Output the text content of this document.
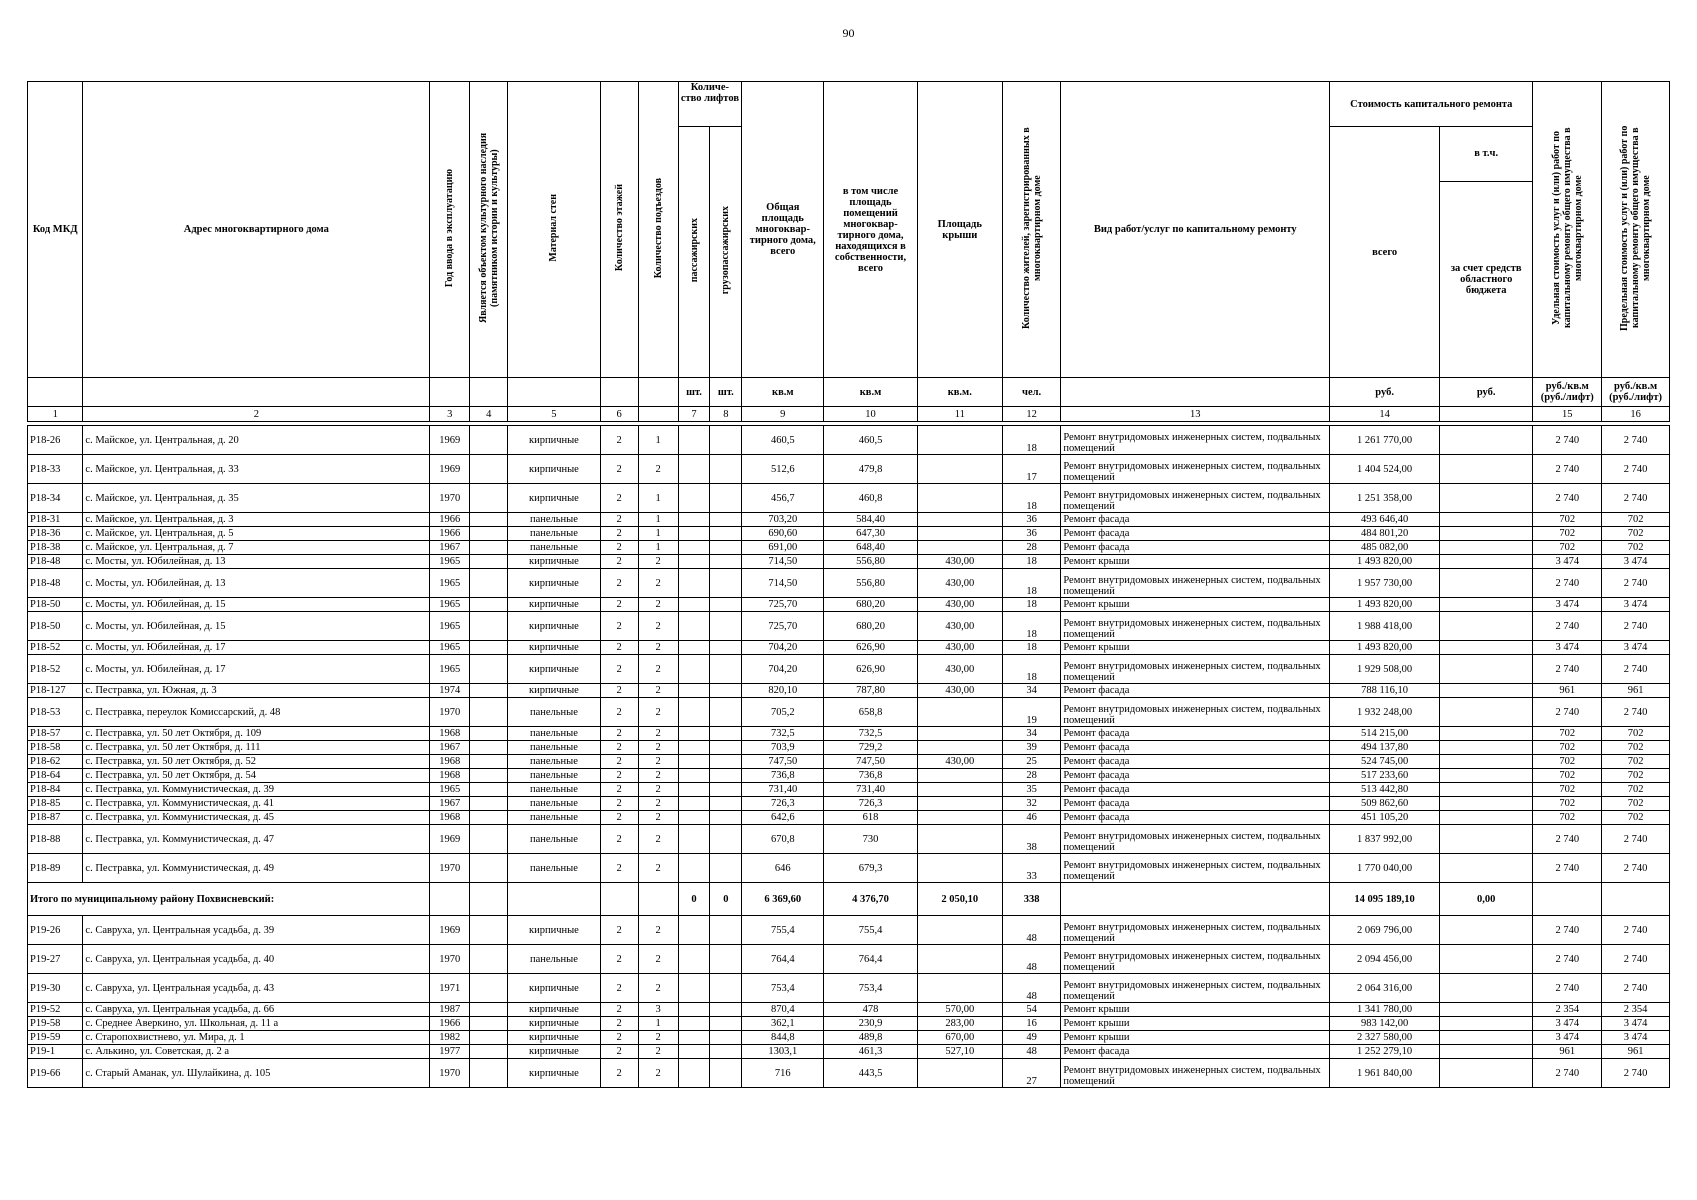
90
Код МКД	Адрес многоквартирного дома	Год ввода в эксплуатацию	Является объектом культурного наследия (памятником истории и культуры)	Материал стен	Количество этажей	Количество подъездов	Количе-ство лифтов		Общая площадь многоквар-тирного дома, всего	в том числе площадь помещений многоквар-тирного дома, находящихся в собственности, всего	Площадь крыши	Количество жителей, зарегистрированных в многоквартирном доме	Вид работ/услуг по капитальному ремонту	Стоимость капитального ремонта		Удельная стоимость услуг и (или) работ по капитальному ремонту общего имущества в многоквартирном доме	Предельная стоимость услуг и (или) работ по капитальному ремонту общего имущества в многоквартирном доме
							пассажирских	грузопассажирских						всего	в т.ч.		
															за счет средств областного бюджета		
							шт.	шт.	кв.м	кв.м	кв.м.	чел.		руб.	руб.	руб./кв.м (руб./лифт)	руб./кв.м (руб./лифт)
1	2	3	4	5	6		7	8	9	10	11	12	13	14		15	16

Р18-26	с. Майское, ул. Центральная, д. 20	1969		кирпичные	2	1			460,5	460,5		18	Ремонт внутридомовых инженерных систем, подвальных помещений	1 261 770,00		2 740	2 740
Р18-33	с. Майское, ул. Центральная, д. 33	1969		кирпичные	2	2			512,6	479,8		17	Ремонт внутридомовых инженерных систем, подвальных помещений	1 404 524,00		2 740	2 740
Р18-34	с. Майское, ул. Центральная, д. 35	1970		кирпичные	2	1			456,7	460,8		18	Ремонт внутридомовых инженерных систем, подвальных помещений	1 251 358,00		2 740	2 740
Р18-31	с. Майское, ул. Центральная, д. 3	1966		панельные	2	1			703,20	584,40		36	Ремонт фасада	493 646,40		702	702
Р18-36	с. Майское, ул. Центральная, д. 5	1966		панельные	2	1			690,60	647,30		36	Ремонт фасада	484 801,20		702	702
Р18-38	с. Майское, ул. Центральная, д. 7	1967		панельные	2	1			691,00	648,40		28	Ремонт фасада	485 082,00		702	702
Р18-48	с. Мосты, ул. Юбилейная, д. 13	1965		кирпичные	2	2			714,50	556,80	430,00	18	Ремонт крыши	1 493 820,00		3 474	3 474
Р18-48	с. Мосты, ул. Юбилейная, д. 13	1965		кирпичные	2	2			714,50	556,80	430,00	18	Ремонт внутридомовых инженерных систем, подвальных помещений	1 957 730,00		2 740	2 740
Р18-50	с. Мосты, ул. Юбилейная, д. 15	1965		кирпичные	2	2			725,70	680,20	430,00	18	Ремонт крыши	1 493 820,00		3 474	3 474
Р18-50	с. Мосты, ул. Юбилейная, д. 15	1965		кирпичные	2	2			725,70	680,20	430,00	18	Ремонт внутридомовых инженерных систем, подвальных помещений	1 988 418,00		2 740	2 740
Р18-52	с. Мосты, ул. Юбилейная, д. 17	1965		кирпичные	2	2			704,20	626,90	430,00	18	Ремонт крыши	1 493 820,00		3 474	3 474
Р18-52	с. Мосты, ул. Юбилейная, д. 17	1965		кирпичные	2	2			704,20	626,90	430,00	18	Ремонт внутридомовых инженерных систем, подвальных помещений	1 929 508,00		2 740	2 740
Р18-127	с. Пестравка, ул. Южная, д. 3	1974		кирпичные	2	2			820,10	787,80	430,00	34	Ремонт фасада	788 116,10		961	961
Р18-53	с. Пестравка, переулок Комиссарский, д. 48	1970		панельные	2	2			705,2	658,8		19	Ремонт внутридомовых инженерных систем, подвальных помещений	1 932 248,00		2 740	2 740
Р18-57	с. Пестравка, ул. 50 лет Октября, д. 109	1968		панельные	2	2			732,5	732,5		34	Ремонт фасада	514 215,00		702	702
Р18-58	с. Пестравка, ул. 50 лет Октября, д. 111	1967		панельные	2	2			703,9	729,2		39	Ремонт фасада	494 137,80		702	702
Р18-62	с. Пестравка, ул. 50 лет Октября, д. 52	1968		панельные	2	2			747,50	747,50	430,00	25	Ремонт фасада	524 745,00		702	702
Р18-64	с. Пестравка, ул. 50 лет Октября, д. 54	1968		панельные	2	2			736,8	736,8		28	Ремонт фасада	517 233,60		702	702
Р18-84	с. Пестравка, ул. Коммунистическая, д. 39	1965		панельные	2	2			731,40	731,40		35	Ремонт фасада	513 442,80		702	702
Р18-85	с. Пестравка, ул. Коммунистическая, д. 41	1967		панельные	2	2			726,3	726,3		32	Ремонт фасада	509 862,60		702	702
Р18-87	с. Пестравка, ул. Коммунистическая, д. 45	1968		панельные	2	2			642,6	618		46	Ремонт фасада	451 105,20		702	702
Р18-88	с. Пестравка, ул. Коммунистическая, д. 47	1969		панельные	2	2			670,8	730		38	Ремонт внутридомовых инженерных систем, подвальных помещений	1 837 992,00		2 740	2 740
Р18-89	с. Пестравка, ул. Коммунистическая, д. 49	1970		панельные	2	2			646	679,3		33	Ремонт внутридомовых инженерных систем, подвальных помещений	1 770 040,00		2 740	2 740
Итого по муниципальному району Похвисневский:							0	0	6 369,60	4 376,70	2 050,10	338		14 095 189,10	0,00		
Р19-26	с. Савруха, ул. Центральная усадьба, д. 39	1969		кирпичные	2	2			755,4	755,4		48	Ремонт внутридомовых инженерных систем, подвальных помещений	2 069 796,00		2 740	2 740
Р19-27	с. Савруха, ул. Центральная усадьба, д. 40	1970		панельные	2	2			764,4	764,4		48	Ремонт внутридомовых инженерных систем, подвальных помещений	2 094 456,00		2 740	2 740
Р19-30	с. Савруха, ул. Центральная усадьба, д. 43	1971		кирпичные	2	2			753,4	753,4		48	Ремонт внутридомовых инженерных систем, подвальных помещений	2 064 316,00		2 740	2 740
Р19-52	с. Савруха, ул. Центральная усадьба, д. 66	1987		кирпичные	2	3			870,4	478	570,00	54	Ремонт крыши	1 341 780,00		2 354	2 354
Р19-58	с. Среднее Аверкино, ул. Школьная, д. 11 а	1966		кирпичные	2	1			362,1	230,9	283,00	16	Ремонт крыши	983 142,00		3 474	3 474
Р19-59	с. Старопохвистнево, ул. Мира, д. 1	1982		кирпичные	2	2			844,8	489,8	670,00	49	Ремонт крыши	2 327 580,00		3 474	3 474
Р19-1	с. Алькино, ул. Советская, д. 2 а	1977		кирпичные	2	2			1303,1	461,3	527,10	48	Ремонт фасада	1 252 279,10		961	961
Р19-66	с. Старый Аманак, ул. Шулайкина, д. 105	1970		кирпичные	2	2			716	443,5		27	Ремонт внутридомовых инженерных систем, подвальных помещений	1 961 840,00		2 740	2 740
